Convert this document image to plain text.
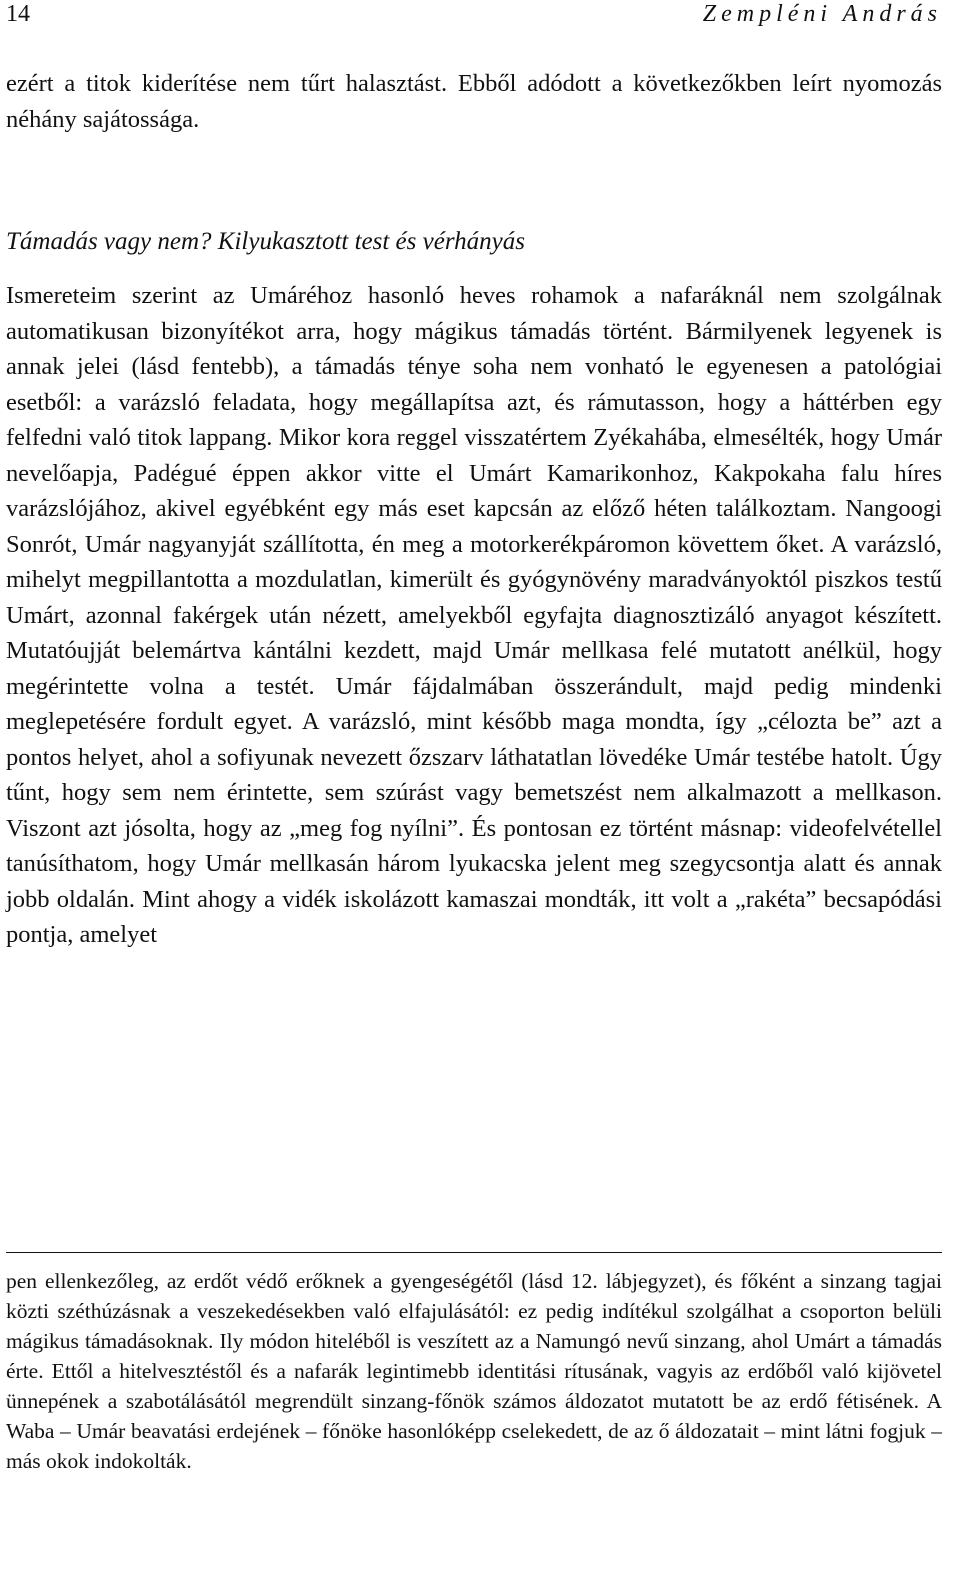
14	Zempléni András

ezért a titok kiderítése nem tűrt halasztást. Ebből adódott a következőkben leírt nyomozás néhány sajátossága.

Támadás vagy nem? Kilyukasztott test és vérhányás

Ismereteim szerint az Umáréhoz hasonló heves rohamok a nafaráknál nem szolgálnak automatikusan bizonyítékot arra, hogy mágikus támadás történt. Bármilyenek legyenek is annak jelei (lásd fentebb), a támadás ténye soha nem vonható le egyenesen a patológiai esetből: a varázsló feladata, hogy megállapítsa azt, és rámutasson, hogy a háttérben egy felfedni való titok lappang. Mikor kora reggel visszatértem Zyékahába, elmesélték, hogy Umár nevelőapja, Padégué éppen akkor vitte el Umárt Kamarikonhoz, Kakpokaha falu híres varázslójához, akivel egyébként egy más eset kapcsán az előző héten találkoztam. Nangoogi Sonrót, Umár nagyanyját szállította, én meg a motorkerékpáromon követtem őket. A varázsló, mihelyt megpillantotta a mozdulatlan, kimerült és gyógynövény maradványoktól piszkos testű Umárt, azonnal fakérgek után nézett, amelyekből egyfajta diagnosztizáló anyagot készített. Mutatóujját belemártva kántálni kezdett, majd Umár mellkasa felé mutatott anélkül, hogy megérintette volna a testét. Umár fájdalmában összerándult, majd pedig mindenki meglepetésére fordult egyet. A varázsló, mint később maga mondta, így „célozta be” azt a pontos helyet, ahol a sofiyunak nevezett őzszarv láthatatlan lövedéke Umár testébe hatolt. Úgy tűnt, hogy sem nem érintette, sem szúrást vagy bemetszést nem alkalmazott a mellkason. Viszont azt jósolta, hogy az „meg fog nyílni”. És pontosan ez történt másnap: videofelvétellel tanúsíthatom, hogy Umár mellkasán három lyukacska jelent meg szegycsontja alatt és annak jobb oldalán. Mint ahogy a vidék iskolázott kamaszai mondták, itt volt a „rakéta” becsapódási pontja, amelyet

pen ellenkezőleg, az erdőt védő erőknek a gyengeségétől (lásd 12. lábjegyzet), és főként a sinzang tagjai közti széthúzásnak a veszekedésekben való elfajulásától: ez pedig indítékul szolgálhat a csoporton belüli mágikus támadásoknak. Ily módon hiteléből is veszített az a Namungó nevű sinzang, ahol Umárt a támadás érte. Ettől a hitelvesztéstől és a nafarák legintimebb identitási rítusának, vagyis az erdőből való kijövetel ünnepének a szabotálásától megrendült sinzang-főnök számos áldozatot mutatott be az erdő fétisének. A Waba – Umár beavatási erdejének – főnöke hasonlóképp cselekedett, de az ő áldozatait – mint látni fogjuk – más okok indokolták.
